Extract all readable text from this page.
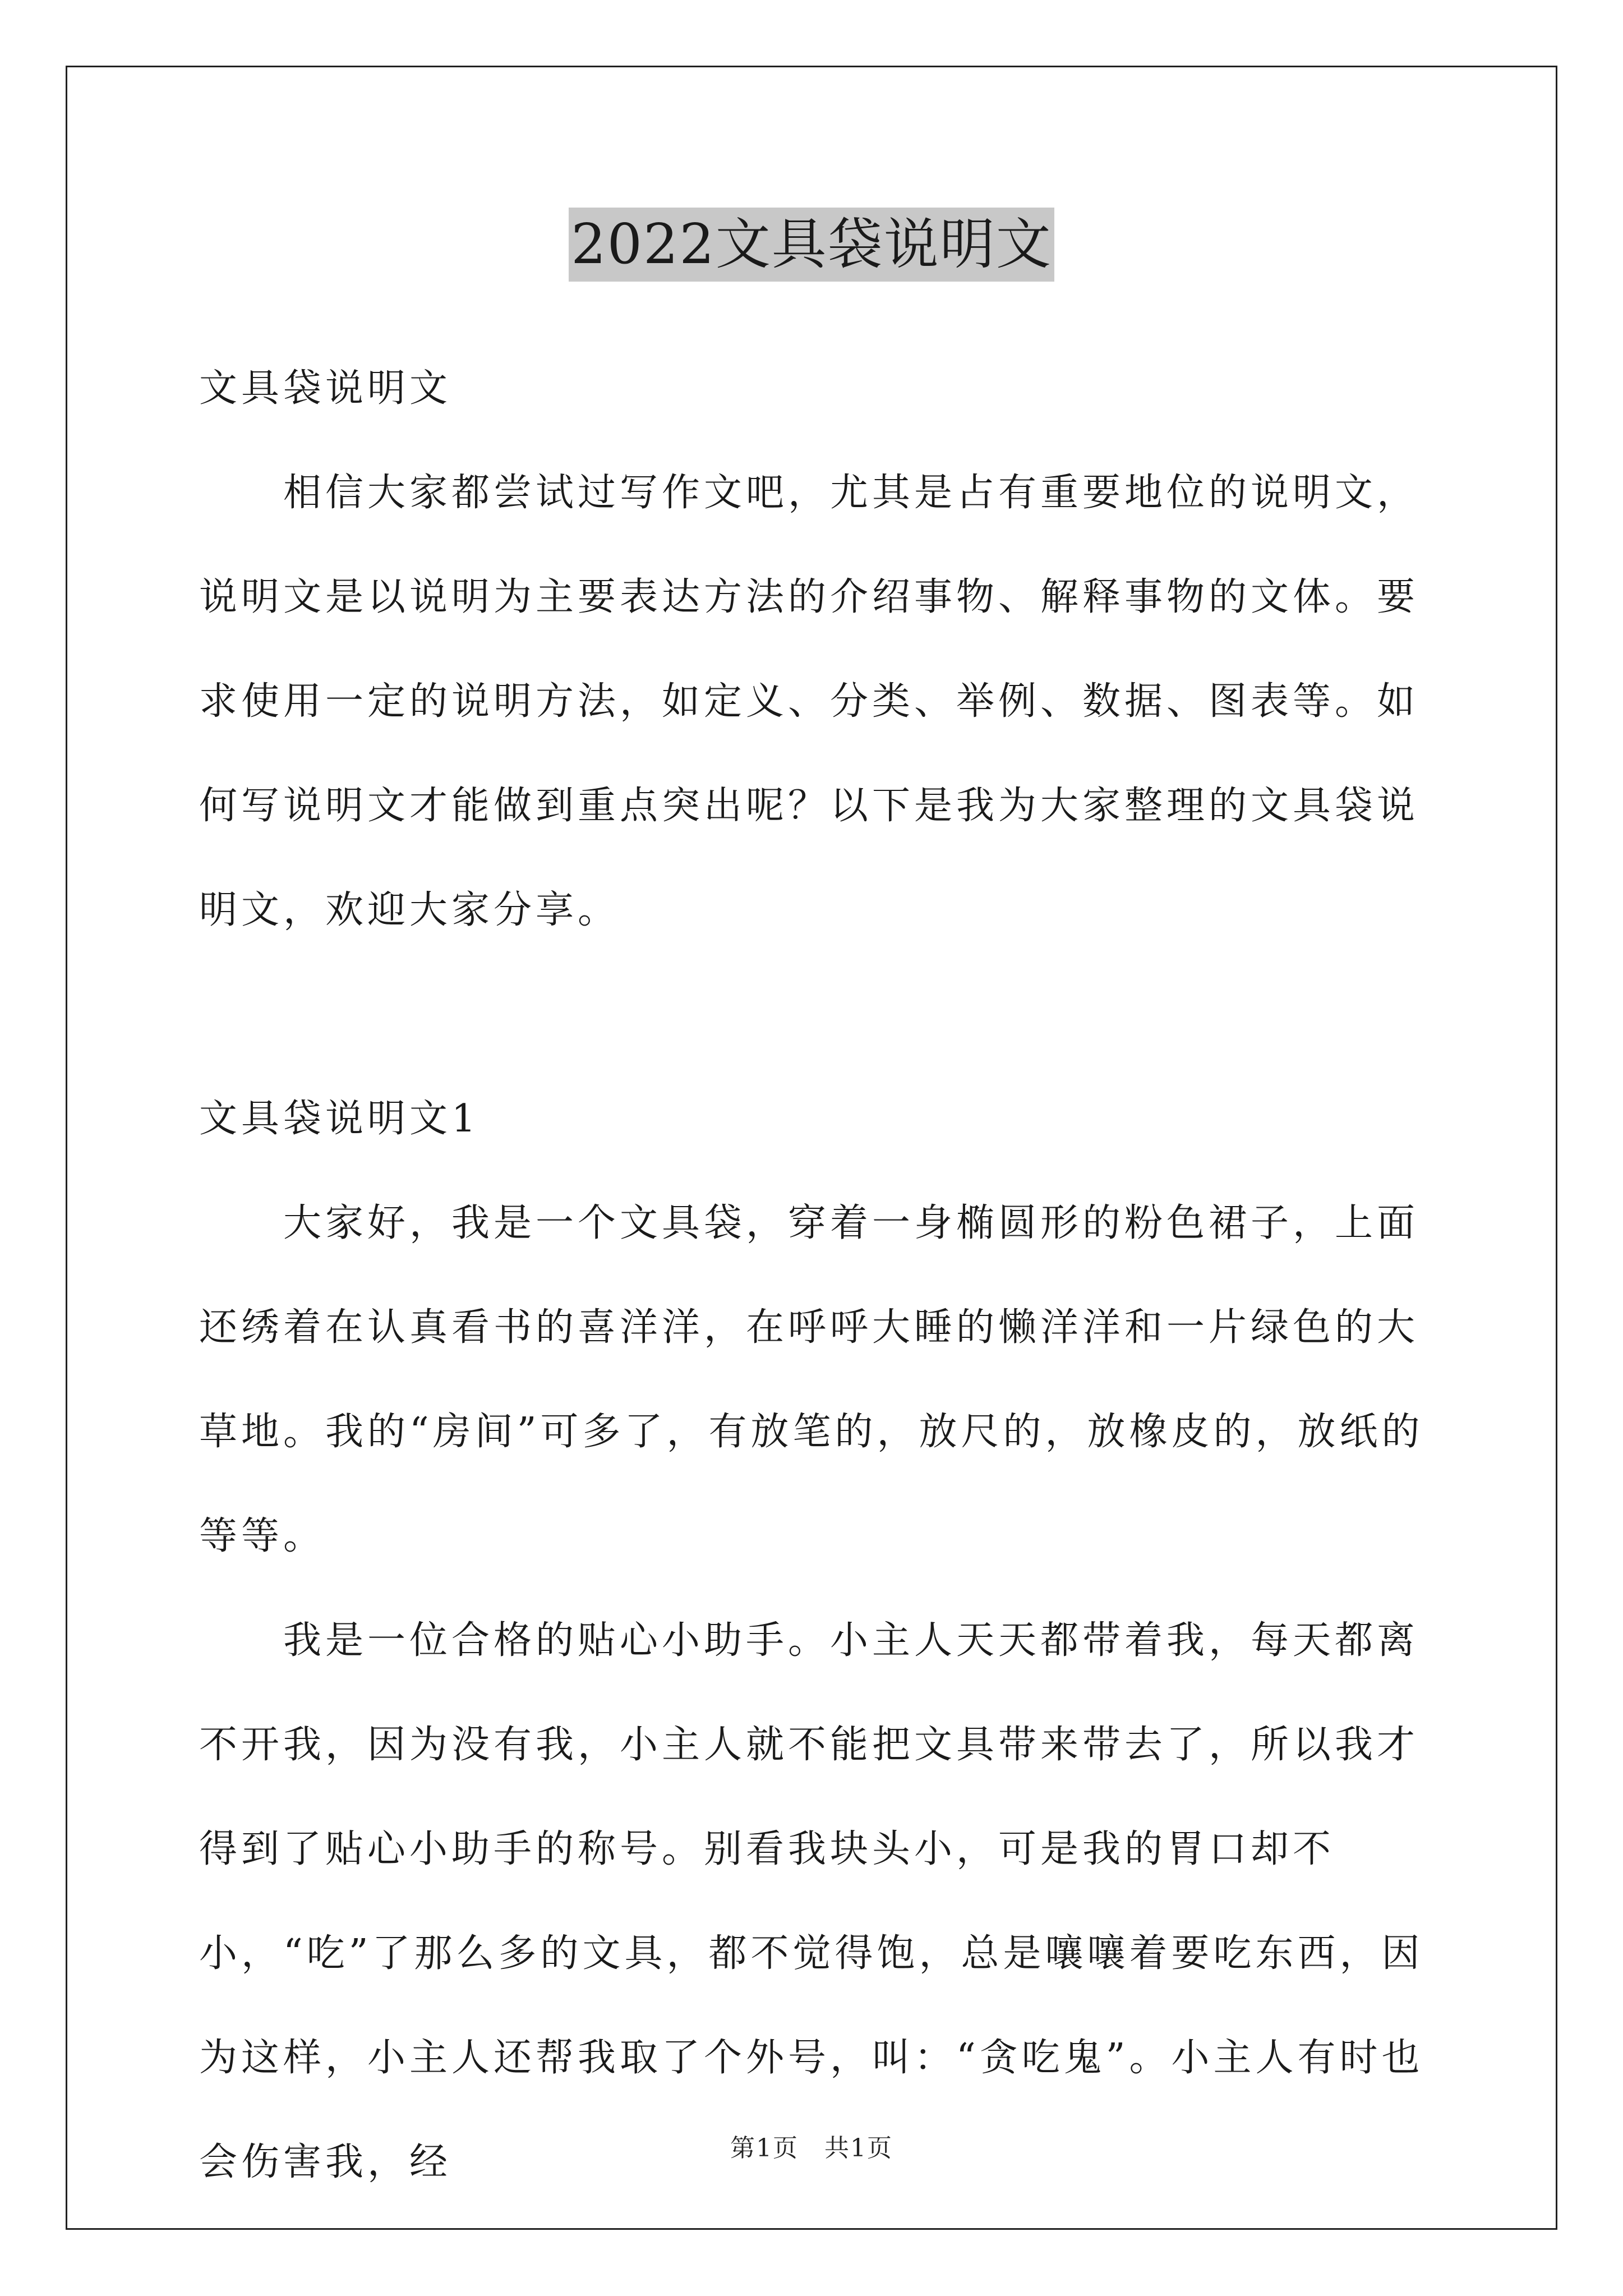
2022文具袋说明文

文具袋说明文

相信大家都尝试过写作文吧，尤其是占有重要地位的说明文，说明文是以说明为主要表达方法的介绍事物、解释事物的文体。要求使用一定的说明方法，如定义、分类、举例、数据、图表等。如何写说明文才能做到重点突出呢？以下是我为大家整理的文具袋说明文，欢迎大家分享。

文具袋说明文1

大家好，我是一个文具袋，穿着一身椭圆形的粉色裙子，上面还绣着在认真看书的喜洋洋，在呼呼大睡的懒洋洋和一片绿色的大草地。我的“房间”可多了，有放笔的，放尺的，放橡皮的，放纸的等等。

我是一位合格的贴心小助手。小主人天天都带着我，每天都离不开我，因为没有我，小主人就不能把文具带来带去了，所以我才得到了贴心小助手的称号。别看我块头小，可是我的胃口却不小，“吃”了那么多的文具，都不觉得饱，总是嚷嚷着要吃东西，因为这样，小主人还帮我取了个外号，叫：“贪吃鬼”。小主人有时也会伤害我，经	第1页　共1页
